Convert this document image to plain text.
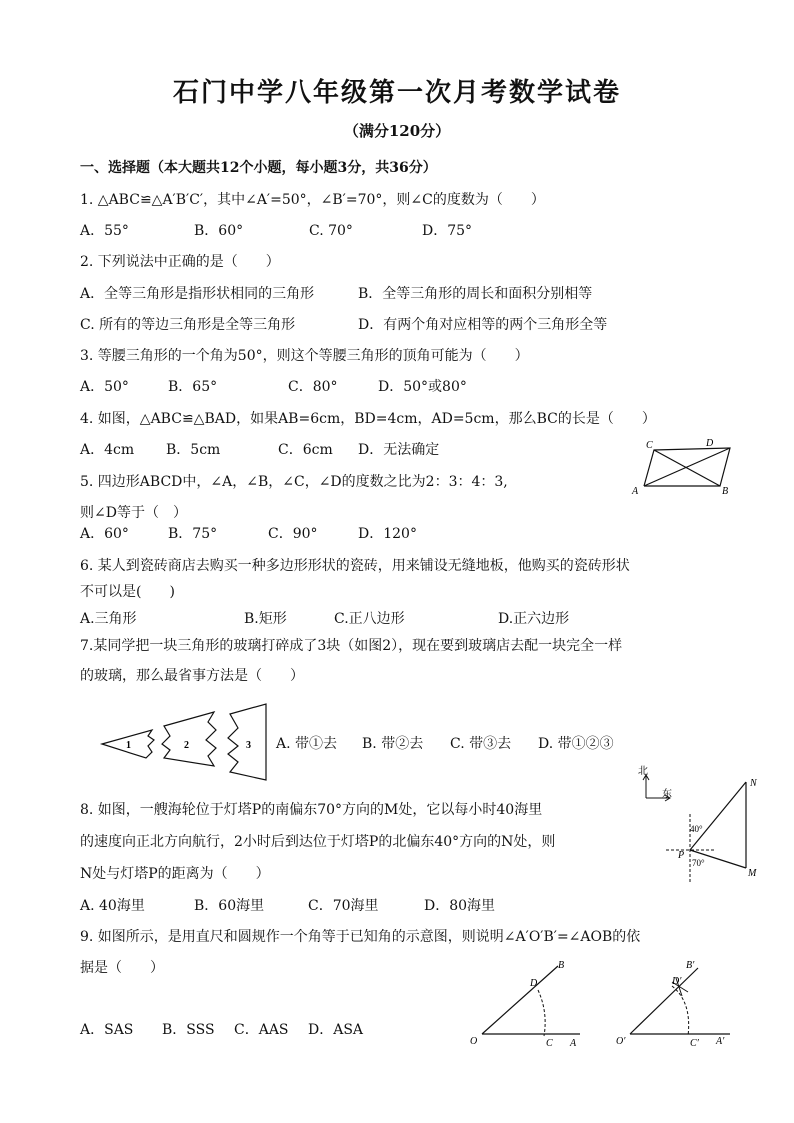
石门中学八年级第一次月考数学试卷
（满分120分）
一、选择题（本大题共12个小题，每小题3分，共36分）
1. △ABC≌△A′B′C′，其中∠A′=50°，∠B′=70°，则∠C的度数为（　　）
A．55°	B．60°	C. 70°	D．75°
2. 下列说法中正确的是（　　）
A．全等三角形是指形状相同的三角形	B．全等三角形的周长和面积分别相等
C. 所有的等边三角形是全等三角形	D．有两个角对应相等的两个三角形全等
3. 等腰三角形的一个角为50°，则这个等腰三角形的顶角可能为（　　）
A．50°	B．65°	C．80°	D．50°或80°
4. 如图，△ABC≌△BAD，如果AB=6cm，BD=4cm，AD=5cm，那么BC的长是（　　）
A．4cm B．5cm	C．6cm D．无法确定	C	D
A	B
5. 四边形ABCD中，∠A，∠B，∠C，∠D的度数之比为2：3：4：3,
则∠D等于（　）
A．60°	B．75°	C．90°	D．120°
6. 某人到瓷砖商店去购买一种多边形形状的瓷砖，用来铺设无缝地板，他购买的瓷砖形状
不可以是(　　)
A.三角形	B.矩形	C.正八边形	D.正六边形
7.某同学把一块三角形的玻璃打碎成了3块（如图2），现在要到玻璃店去配一块完全一样
的玻璃，那么最省事方法是（　　）
1	2	3 A. 带①去 B. 带②去 C. 带③去 D. 带①②③
8. 如图，一艘海轮位于灯塔P的南偏东70°方向的M处，它以每小时40海里
的速度向正北方向航行，2小时后到达位于灯塔P的北偏东40°方向的N处，则
N处与灯塔P的距离为（　　）
A. 40海里	B．60海里	C．70海里	D．80海里
北
东
N
M
P
40°
70°
9. 如图所示，是用直尺和圆规作一个角等于已知角的示意图，则说明∠A′O′B′=∠AOB的依
据是（　　）
A．SAS B．SSS C．AAS D．ASA
B
D
O	C A
B′
D′
O′	C′ A′
